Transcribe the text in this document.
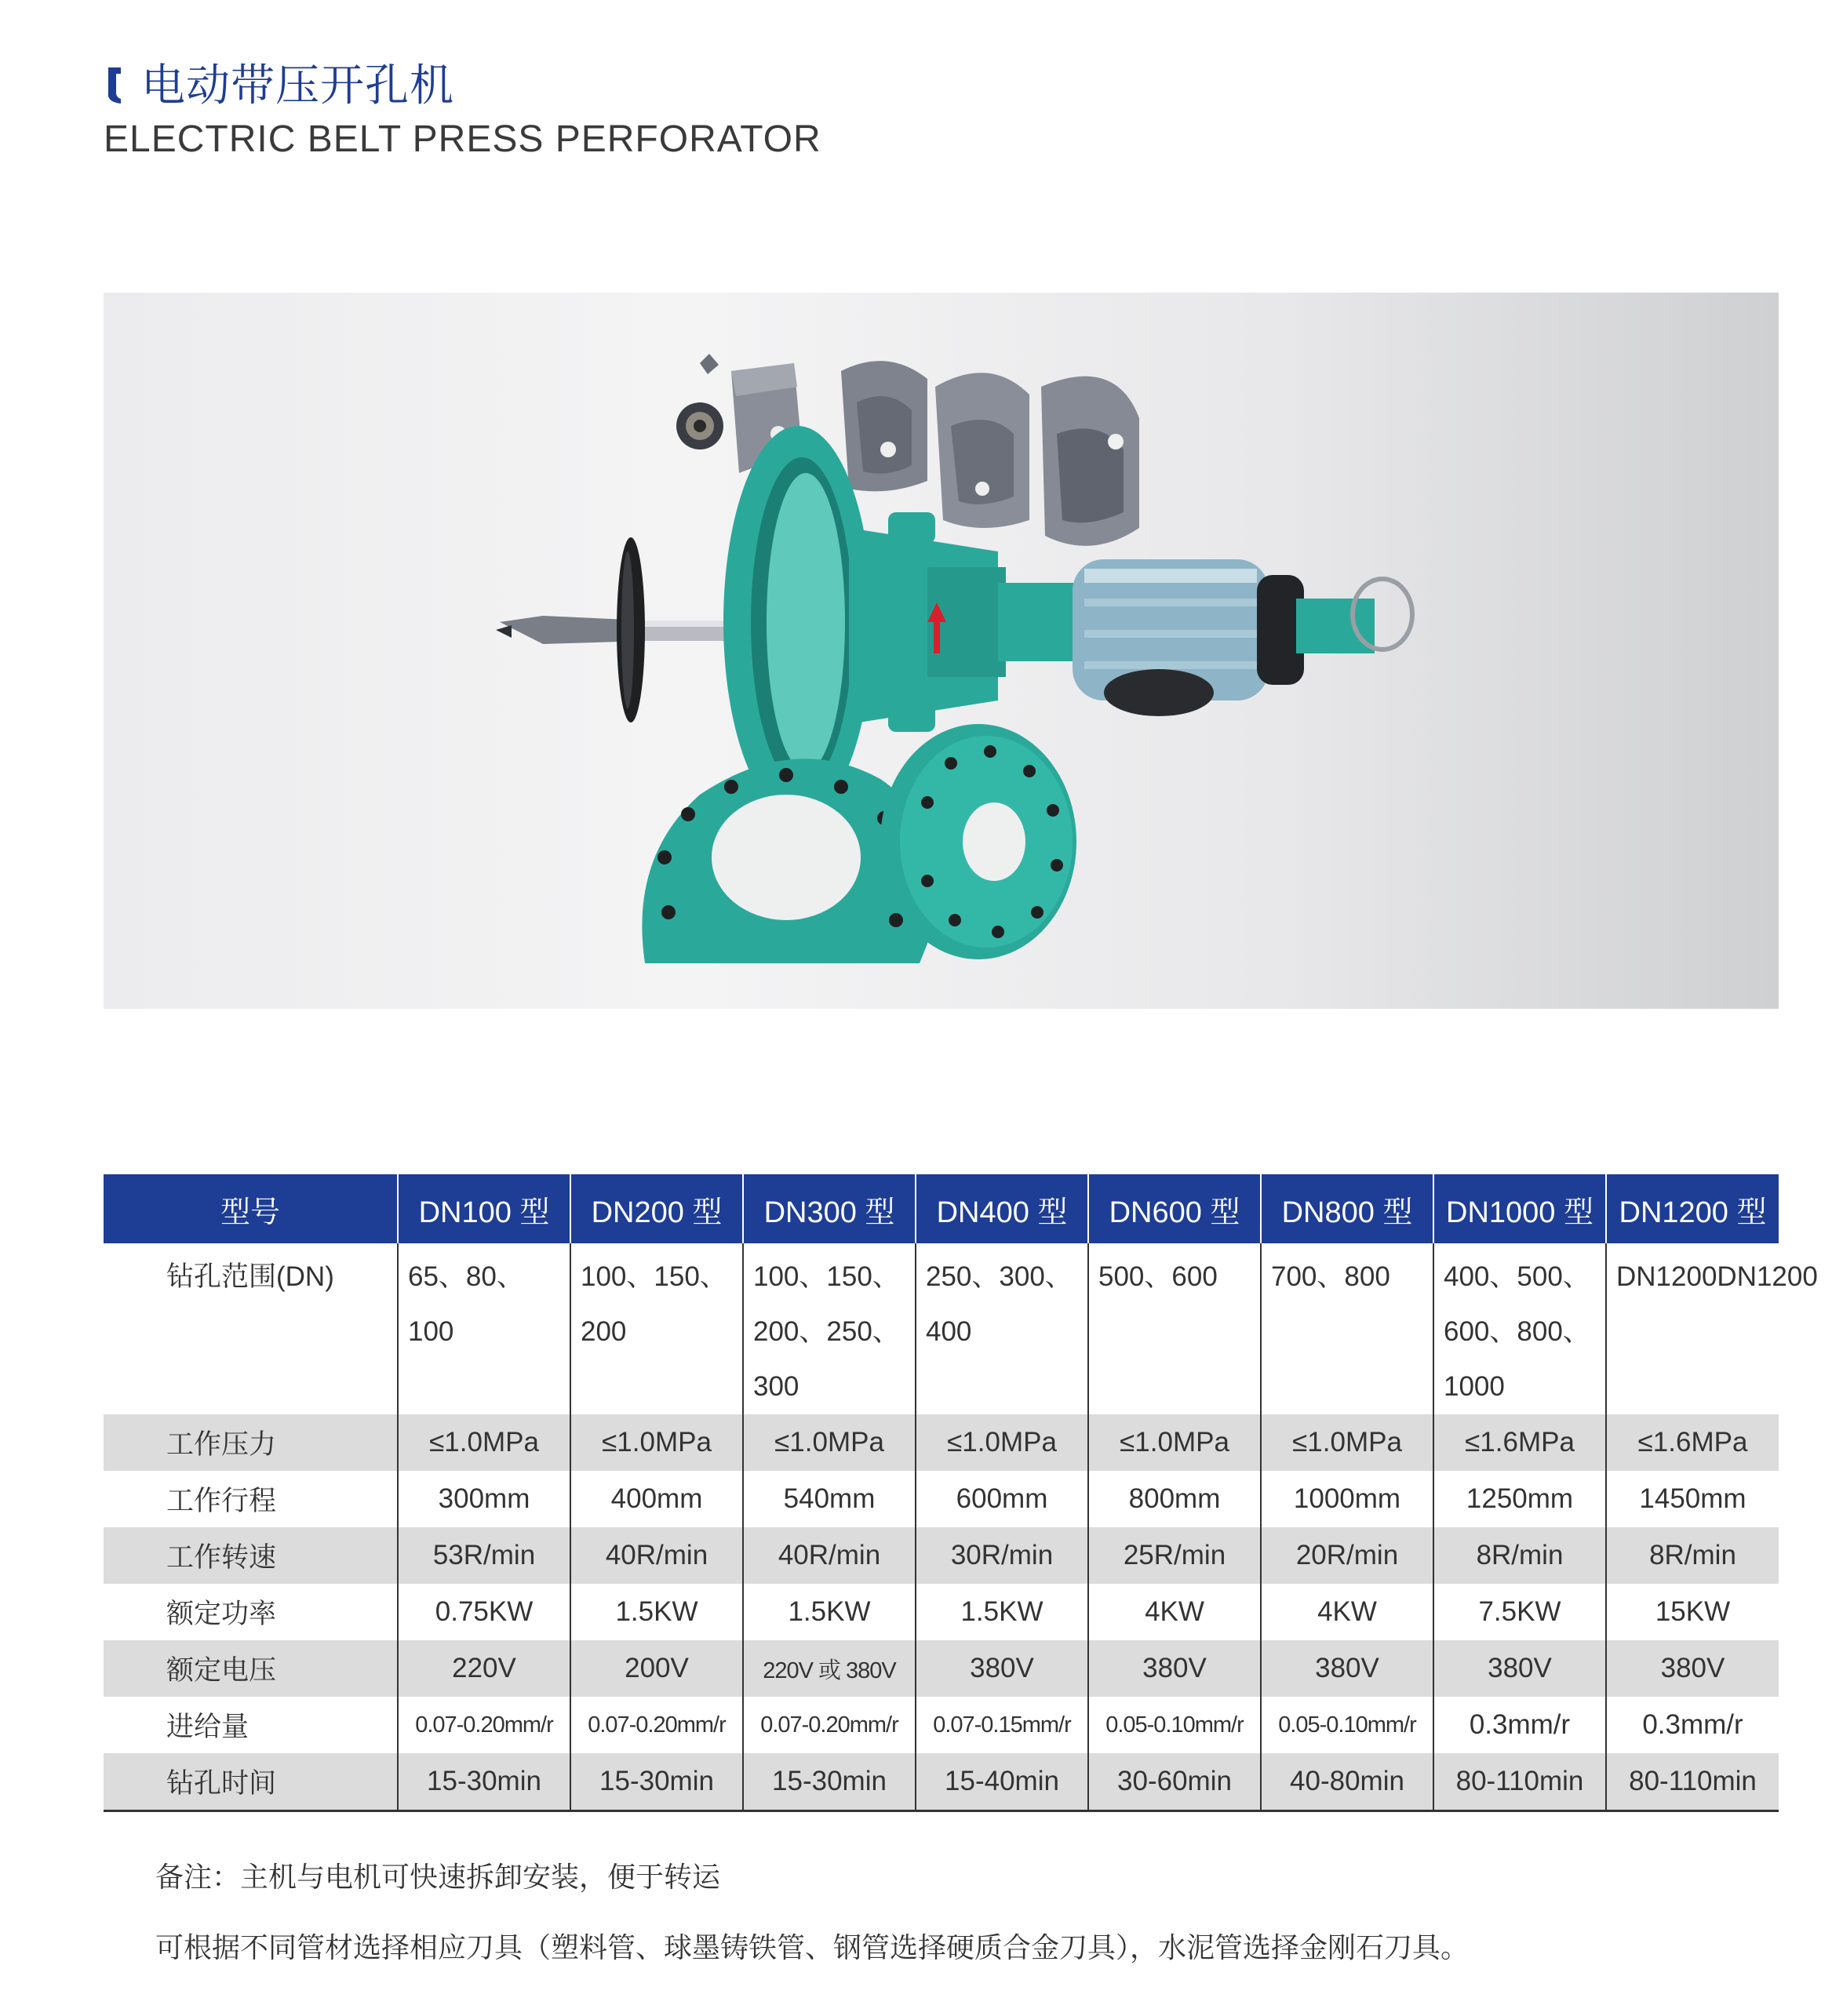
电动带压开孔机
ELECTRIC BELT PRESS PERFORATOR
型号	DN100 型	DN200 型	DN300 型	DN400 型	DN600 型	DN800 型	DN1000 型	DN1200 型
钻孔范围(DN)	65、80、100	100、150、200	100、150、200、250、300	250、300、400	500、600	700、800	400、500、600、800、1000	DN1200DN1200
工作压力	≤1.0MPa	≤1.0MPa	≤1.0MPa	≤1.0MPa	≤1.0MPa	≤1.0MPa	≤1.6MPa	≤1.6MPa
工作行程	300mm	400mm	540mm	600mm	800mm	1000mm	1250mm	1450mm
工作转速	53R/min	40R/min	40R/min	30R/min	25R/min	20R/min	8R/min	8R/min
额定功率	0.75KW	1.5KW	1.5KW	1.5KW	4KW	4KW	7.5KW	15KW
额定电压	220V	200V	220V 或 380V	380V	380V	380V	380V	380V
进给量	0.07-0.20mm/r	0.07-0.20mm/r	0.07-0.20mm/r	0.07-0.15mm/r	0.05-0.10mm/r	0.05-0.10mm/r	0.3mm/r	0.3mm/r
钻孔时间	15-30min	15-30min	15-30min	15-40min	30-60min	40-80min	80-110min	80-110min
备注：主机与电机可快速拆卸安装，便于转运
可根据不同管材选择相应刀具（塑料管、球墨铸铁管、钢管选择硬质合金刀具），水泥管选择金刚石刀具。
